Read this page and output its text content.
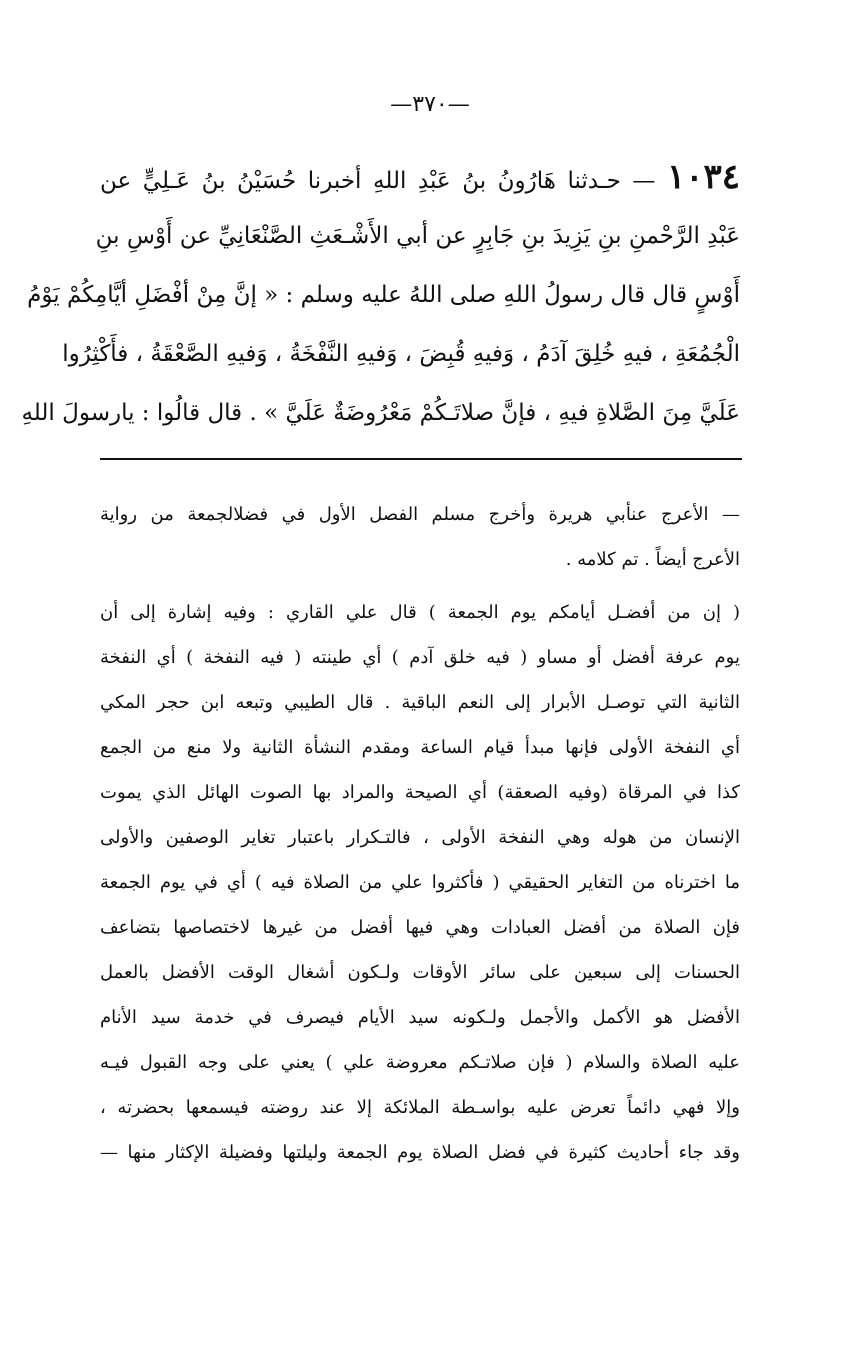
—٣٧٠—
١٠٣٤ — حـدثنا هَارُونُ بنُ عَبْدِ اللهِ أخبرنا حُسَيْنُ بنُ عَـلِيٍّ عن
عَبْدِ الرَّحْمنِ بنِ يَزِيدَ بنِ جَابِرٍ عن أبي الأَشْـعَثِ الصَّنْعَانِيِّ عن أَوْسِ بنِ
أَوْسٍ قال قال رسولُ اللهِ صلى اللهُ عليه وسلم : « إنَّ مِنْ أفْضَلِ أيَّامِكُمْ يَوْمُ
الْجُمُعَةِ ، فيهِ خُلِقَ آدَمُ ، وَفيهِ قُبِضَ ، وَفيهِ النَّفْخَةُ ، وَفيهِ الصَّعْقَةُ ، فأَكْثِرُوا
عَلَيَّ مِنَ الصَّلاةِ فيهِ ، فإنَّ صلاتَـكُمْ مَعْرُوضَةٌ عَلَيَّ » . قال قالُوا : يارسولَ اللهِ
— الأعرج عنأبي هريرة وأخرج مسلم الفصل الأول في فضلالجمعة من رواية
الأعرج أيضاً . تم كلامه .
( إن من أفضـل أيامكم يوم الجمعة ) قال علي القاري : وفيه إشارة إلى أن
يوم عرفة أفضل أو مساو ( فيه خلق آدم ) أي طينته ( فيه النفخة ) أي النفخة
الثانية التي توصـل الأبرار إلى النعم الباقية . قال الطيبي وتبعه ابن حجر المكي
أي النفخة الأولى فإنها مبدأ قيام الساعة ومقدم النشأة الثانية ولا منع من الجمع
كذا في المرقاة (وفيه الصعقة) أي الصيحة والمراد بها الصوت الهائل الذي يموت
الإنسان من هوله وهي النفخة الأولى ، فالتـكرار باعتبار تغاير الوصفين والأولى
ما اخترناه من التغاير الحقيقي ( فأكثروا علي من الصلاة فيه ) أي في يوم الجمعة
فإن الصلاة من أفضل العبادات وهي فيها أفضل من غيرها لاختصاصها بتضاعف
الحسنات إلى سبعين على سائر الأوقات ولـكون أشغال الوقت الأفضل بالعمل
الأفضل هو الأكمل والأجمل ولـكونه سيد الأيام فيصرف في خدمة سيد الأنام
عليه الصلاة والسلام ( فإن صلاتـكم معروضة علي ) يعني على وجه القبول فيـه
وإلا فهي دائماً تعرض عليه بواسـطة الملائكة إلا عند روضته فيسمعها بحضرته ،
وقد جاء أحاديث كثيرة في فضل الصلاة يوم الجمعة وليلتها وفضيلة الإكثار منها —
